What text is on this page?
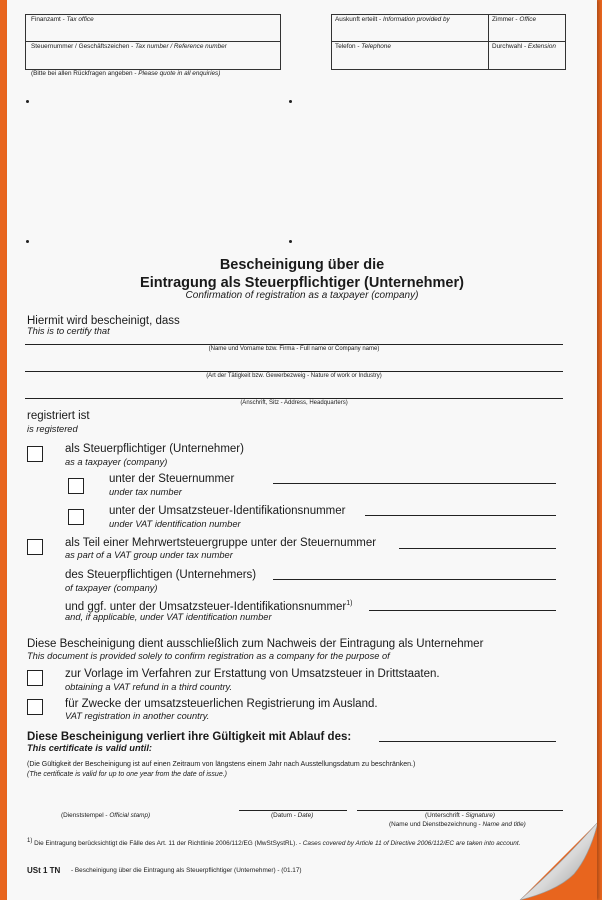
Finanzamt - Tax office
Steuernummer / Geschäftszeichen - Tax number / Reference number
(Bitte bei allen Rückfragen angeben - Please quote in all enquiries)
Auskunft erteilt - Information provided by	Zimmer - Office
Telefon - Telephone	Durchwahl - Extension
Bescheinigung über die
Eintragung als Steuerpflichtiger (Unternehmer)
Confirmation of registration as a taxpayer (company)
Hiermit wird bescheinigt, dass
This is to certify that
(Name und Vorname bzw. Firma - Full name or Company name)
(Art der Tätigkeit bzw. Gewerbezweig - Nature of work or Industry)
(Anschrift, Sitz - Address, Headquarters)
registriert ist
is registered
als Steuerpflichtiger (Unternehmer)
as a taxpayer (company)
unter der Steuernummer
under tax number
unter der Umsatzsteuer-Identifikationsnummer
under VAT identification number
als Teil einer Mehrwertsteuergruppe unter der Steuernummer
as part of a VAT group under tax number
des Steuerpflichtigen (Unternehmers)
of taxpayer (company)
und ggf. unter der Umsatzsteuer-Identifikationsnummer$^{1)}$
and, if applicable, under VAT identification number
Diese Bescheinigung dient ausschließlich zum Nachweis der Eintragung als Unternehmer
This document is provided solely to confirm registration as a company for the purpose of
zur Vorlage im Verfahren zur Erstattung von Umsatzsteuer in Drittstaaten.
obtaining a VAT refund in a third country.
für Zwecke der umsatzsteuerlichen Registrierung im Ausland.
VAT registration in another country.
Diese Bescheinigung verliert ihre Gültigkeit mit Ablauf des:
This certificate is valid until:
(Die Gültigkeit der Bescheinigung ist auf einen Zeitraum von längstens einem Jahr nach Ausstellungsdatum zu beschränken.)
(The certificate is valid for up to one year from the date of issue.)
(Dienststempel - Official stamp)	(Datum - Date)	(Unterschrift - Signature)
(Name und Dienstbezeichnung - Name and title)
$^{1)}$ Die Eintragung berücksichtigt die Fälle des Art. 11 der Richtlinie 2006/112/EG (MwStSystRL). - Cases covered by Article 11 of Directive 2006/112/EC are taken into account.
USt 1 TN - Bescheinigung über die Eintragung als Steuerpflichtiger (Unternehmer) - (01.17)
